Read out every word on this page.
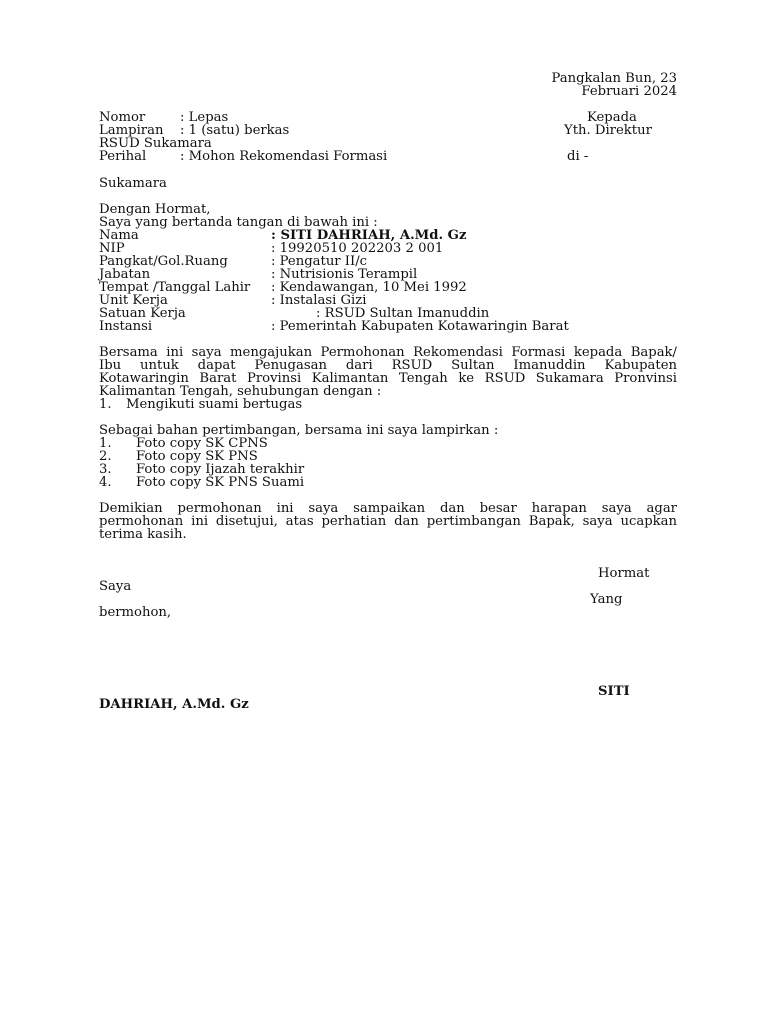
Pangkalan Bun, 23
Februari 2024
Nomor	: Lepas	Kepada
Lampiran : 1 (satu) berkas	Yth. Direktur
RSUD Sukamara
Perihal	: Mohon Rekomendasi Formasi	di -
Sukamara
Dengan Hormat,
Saya yang bertanda tangan di bawah ini :
Nama	: SITI DAHRIAH, A.Md. Gz
NIP	: 19920510 202203 2 001
Pangkat/Gol.Ruang	: Pengatur II/c
Jabatan	: Nutrisionis Terampil
Tempat /Tanggal Lahir : Kendawangan, 10 Mei 1992
Unit Kerja	: Instalasi Gizi
Satuan Kerja	: RSUD Sultan Imanuddin
Instansi	: Pemerintah Kabupaten Kotawaringin Barat
Bersama ini saya mengajukan Permohonan Rekomendasi Formasi kepada Bapak/
Ibu untuk dapat Penugasan dari RSUD Sultan Imanuddin Kabupaten
Kotawaringin Barat Provinsi Kalimantan Tengah ke RSUD Sukamara Pronvinsi
Kalimantan Tengah, sehubungan dengan :
1. Mengikuti suami bertugas
Sebagai bahan pertimbangan, bersama ini saya lampirkan :
1. Foto copy SK CPNS
2. Foto copy SK PNS
3. Foto copy Ijazah terakhir
4. Foto copy SK PNS Suami
Demikian permohonan ini saya sampaikan dan besar harapan saya agar
permohonan ini disetujui, atas perhatian dan pertimbangan Bapak, saya ucapkan
terima kasih.
Hormat
Saya
Yang
bermohon,
SITI
DAHRIAH, A.Md. Gz
